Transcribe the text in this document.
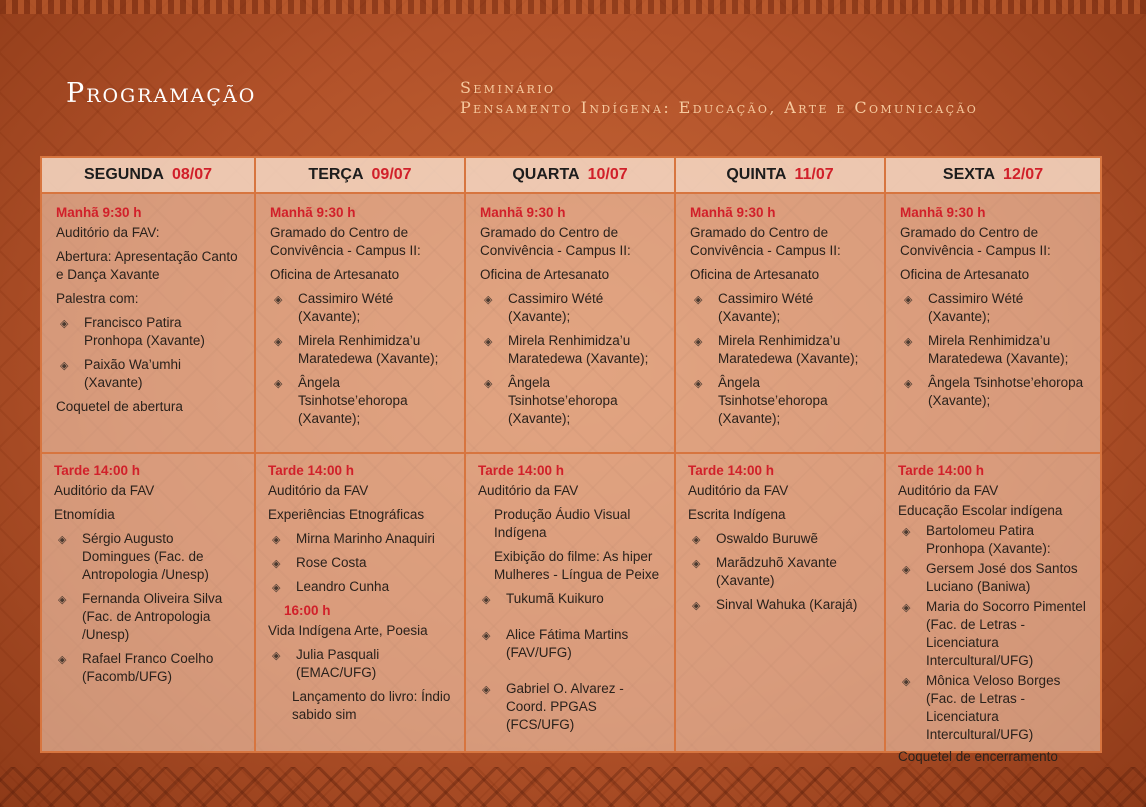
Programação	Seminário
Pensamento Indígena: Educação, Arte e Comunicação
SEGUNDA 08/07
Manhã 9:30 h

Auditório da FAV:

Abertura: Apresentação Canto e Dança Xavante

Palestra com:

◈ Francisco Patira Pronhopa (Xavante)
◈ Paixão Wa’umhi (Xavante)

Coquetel de abertura

Tarde 14:00 h

Auditório da FAV

Etnomídia

◈ Sérgio Augusto Domingues (Fac. de Antropologia /Unesp)
◈ Fernanda Oliveira Silva (Fac. de Antropologia /Unesp)
◈ Rafael Franco Coelho (Facomb/UFG)
TERÇA 09/07
Manhã 9:30 h

Gramado do Centro de Convivência - Campus II:

Oficina de Artesanato

◈ Cassimiro Wété (Xavante);
◈ Mirela Renhimidza’u Maratedewa (Xavante);
◈ Ângela Tsinhotse’ehoropa (Xavante);
Tarde 14:00 h

Auditório da FAV

Experiências Etnográficas

◈ Mirna Marinho Anaquiri
◈ Rose Costa
◈ Leandro Cunha
16:00 h

Vida Indígena Arte, Poesia

◈ Julia Pasquali (EMAC/UFG)

Lançamento do livro: Índio sabido sim

QUARTA 10/07
Manhã 9:30 h

Gramado do Centro de Convivência - Campus II:

Oficina de Artesanato

◈ Cassimiro Wété (Xavante);
◈ Mirela Renhimidza’u Maratedewa (Xavante);
◈ Ângela Tsinhotse’ehoropa (Xavante);
Tarde 14:00 h

Auditório da FAV

Produção Áudio Visual Indígena

Exibição do filme: As hiper Mulheres - Língua de Peixe

◈ Tukumã Kuikuro
◈ Alice Fátima Martins (FAV/UFG)
◈ Gabriel O. Alvarez - Coord. PPGAS (FCS/UFG)
QUINTA 11/07
Manhã 9:30 h

Gramado do Centro de Convivência - Campus II:

Oficina de Artesanato

◈ Cassimiro Wété (Xavante);
◈ Mirela Renhimidza’u Maratedewa (Xavante);
◈ Ângela Tsinhotse’ehoropa (Xavante);
Tarde 14:00 h

Auditório da FAV

Escrita Indígena

◈ Oswaldo Buruwẽ
◈ Marãdzuhõ Xavante (Xavante)
◈ Sinval Wahuka (Karajá)
SEXTA 12/07
Manhã 9:30 h

Gramado do Centro de Convivência - Campus II:

Oficina de Artesanato

◈ Cassimiro Wété (Xavante);
◈ Mirela Renhimidza’u Maratedewa (Xavante);
◈ Ângela Tsinhotse’ehoropa (Xavante);
Tarde 14:00 h

Auditório da FAV

Educação Escolar indígena

◈ Bartolomeu Patira Pronhopa (Xavante):
◈ Gersem José dos Santos Luciano (Baniwa)
◈ Maria do Socorro Pimentel (Fac. de Letras - Licenciatura Intercultural/UFG)
◈ Mônica Veloso Borges (Fac. de Letras - Licenciatura Intercultural/UFG)

Coquetel de encerramento
